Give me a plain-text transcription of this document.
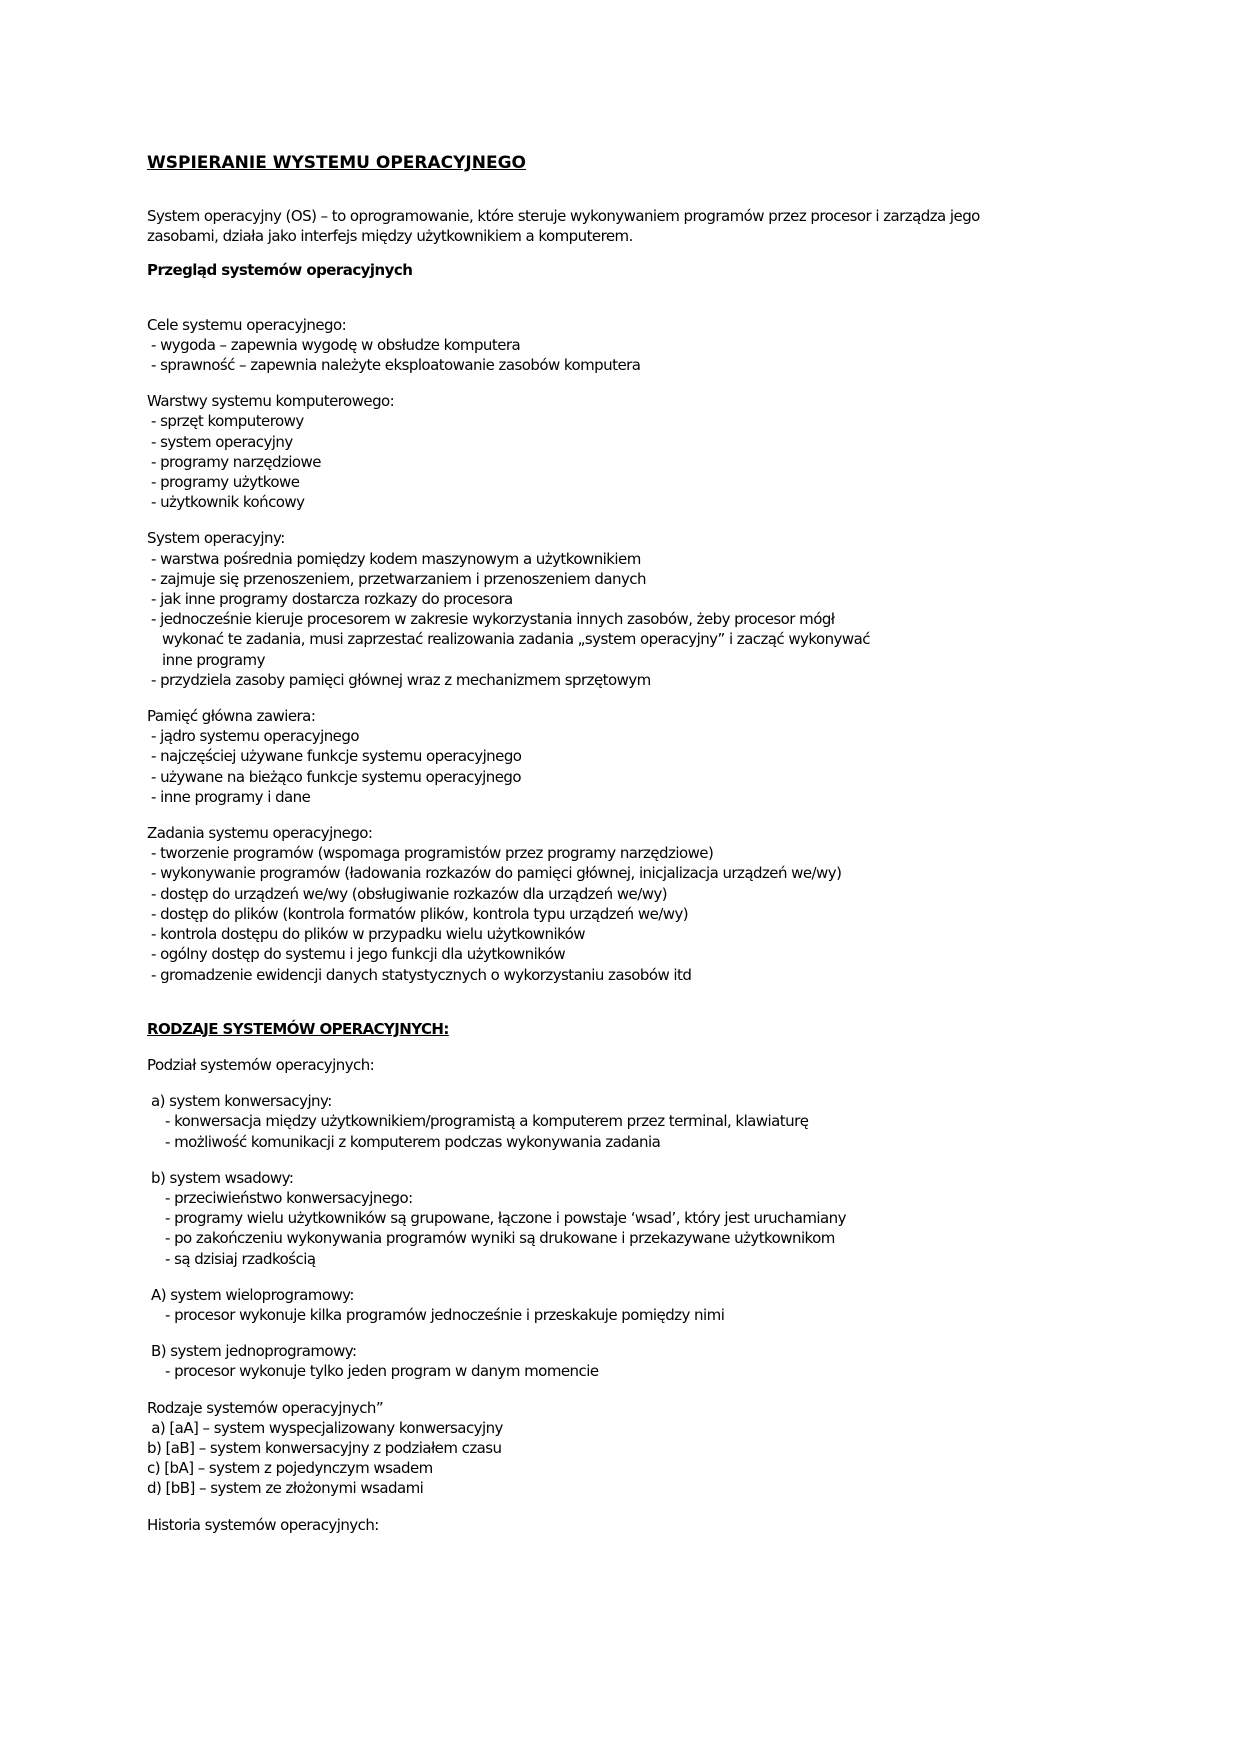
WSPIERANIE WYSTEMU OPERACYJNEGO
System operacyjny (OS) – to oprogramowanie, które steruje wykonywaniem programów przez procesor i zarządza jego
zasobami, działa jako interfejs między użytkownikiem a komputerem.
Przegląd systemów operacyjnych
Cele systemu operacyjnego:
- wygoda – zapewnia wygodę w obsłudze komputera
- sprawność – zapewnia należyte eksploatowanie zasobów komputera
Warstwy systemu komputerowego:
- sprzęt komputerowy
- system operacyjny
- programy narzędziowe
- programy użytkowe
- użytkownik końcowy
System operacyjny:
- warstwa pośrednia pomiędzy kodem maszynowym a użytkownikiem
- zajmuje się przenoszeniem, przetwarzaniem i przenoszeniem danych
- jak inne programy dostarcza rozkazy do procesora
- jednocześnie kieruje procesorem w zakresie wykorzystania innych zasobów, żeby procesor mógł
wykonać te zadania, musi zaprzestać realizowania zadania „system operacyjny” i zacząć wykonywać
inne programy
- przydziela zasoby pamięci głównej wraz z mechanizmem sprzętowym
Pamięć główna zawiera:
- jądro systemu operacyjnego
- najczęściej używane funkcje systemu operacyjnego
- używane na bieżąco funkcje systemu operacyjnego
- inne programy i dane
Zadania systemu operacyjnego:
- tworzenie programów (wspomaga programistów przez programy narzędziowe)
- wykonywanie programów (ładowania rozkazów do pamięci głównej, inicjalizacja urządzeń we/wy)
- dostęp do urządzeń we/wy (obsługiwanie rozkazów dla urządzeń we/wy)
- dostęp do plików (kontrola formatów plików, kontrola typu urządzeń we/wy)
- kontrola dostępu do plików w przypadku wielu użytkowników
- ogólny dostęp do systemu i jego funkcji dla użytkowników
- gromadzenie ewidencji danych statystycznych o wykorzystaniu zasobów itd
RODZAJE SYSTEMÓW OPERACYJNYCH:
Podział systemów operacyjnych:
a) system konwersacyjny:
- konwersacja między użytkownikiem/programistą a komputerem przez terminal, klawiaturę
- możliwość komunikacji z komputerem podczas wykonywania zadania
b) system wsadowy:
- przeciwieństwo konwersacyjnego:
- programy wielu użytkowników są grupowane, łączone i powstaje ‘wsad’, który jest uruchamiany
- po zakończeniu wykonywania programów wyniki są drukowane i przekazywane użytkownikom
- są dzisiaj rzadkością
A) system wieloprogramowy:
- procesor wykonuje kilka programów jednocześnie i przeskakuje pomiędzy nimi
B) system jednoprogramowy:
- procesor wykonuje tylko jeden program w danym momencie
Rodzaje systemów operacyjnych”
a) [aA] – system wyspecjalizowany konwersacyjny
b) [aB] – system konwersacyjny z podziałem czasu
c) [bA] – system z pojedynczym wsadem
d) [bB] – system ze złożonymi wsadami
Historia systemów operacyjnych:
